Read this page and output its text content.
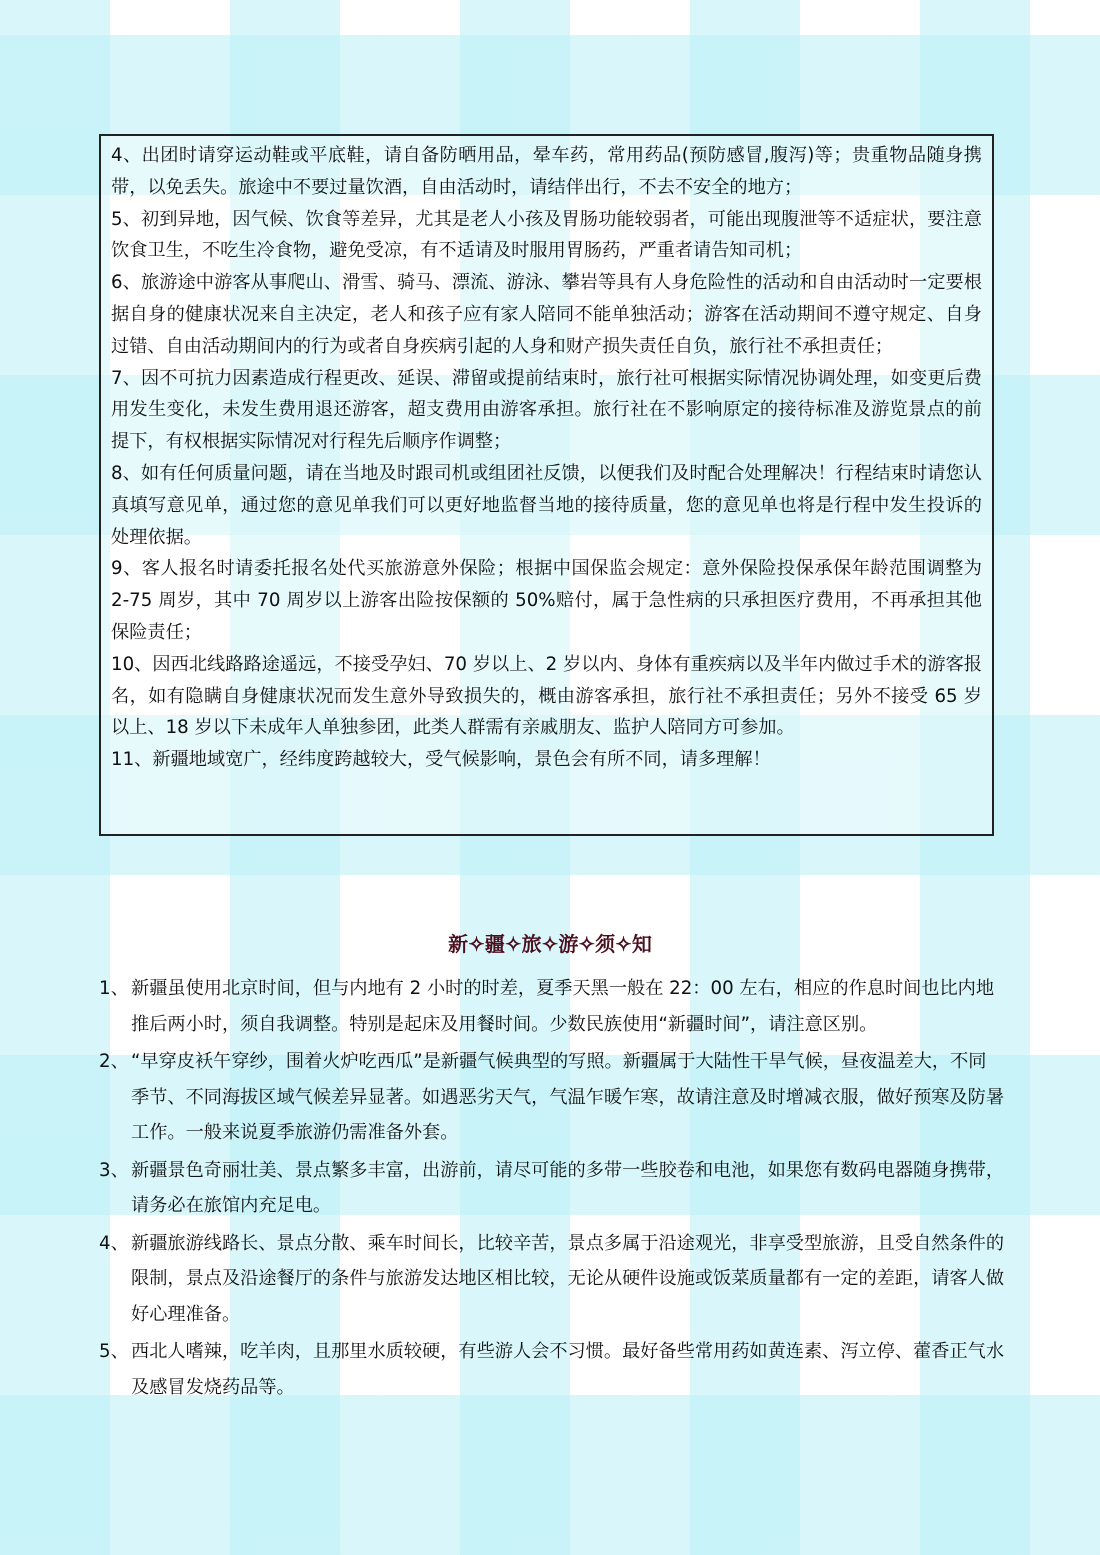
4、出团时请穿运动鞋或平底鞋，请自备防晒用品，晕车药，常用药品(预防感冒,腹泻)等；贵重物品随身携带，以免丢失。旅途中不要过量饮酒，自由活动时，请结伴出行，不去不安全的地方；

5、初到异地，因气候、饮食等差异，尤其是老人小孩及胃肠功能较弱者，可能出现腹泄等不适症状，要注意饮食卫生，不吃生冷食物，避免受凉，有不适请及时服用胃肠药，严重者请告知司机；

6、旅游途中游客从事爬山、滑雪、骑马、漂流、游泳、攀岩等具有人身危险性的活动和自由活动时一定要根据自身的健康状况来自主决定，老人和孩子应有家人陪同不能单独活动；游客在活动期间不遵守规定、自身过错、自由活动期间内的行为或者自身疾病引起的人身和财产损失责任自负，旅行社不承担责任；

7、因不可抗力因素造成行程更改、延误、滞留或提前结束时，旅行社可根据实际情况协调处理，如变更后费用发生变化，未发生费用退还游客，超支费用由游客承担。旅行社在不影响原定的接待标准及游览景点的前提下，有权根据实际情况对行程先后顺序作调整；

8、如有任何质量问题，请在当地及时跟司机或组团社反馈，以便我们及时配合处理解决！行程结束时请您认真填写意见单，通过您的意见单我们可以更好地监督当地的接待质量，您的意见单也将是行程中发生投诉的处理依据。

9、客人报名时请委托报名处代买旅游意外保险；根据中国保监会规定：意外保险投保承保年龄范围调整为 2-75 周岁，其中 70 周岁以上游客出险按保额的 50%赔付，属于急性病的只承担医疗费用，不再承担其他保险责任；

10、因西北线路路途遥远，不接受孕妇、70 岁以上、2 岁以内、身体有重疾病以及半年内做过手术的游客报名，如有隐瞒自身健康状况而发生意外导致损失的，概由游客承担，旅行社不承担责任；另外不接受 65 岁以上、18 岁以下未成年人单独参团，此类人群需有亲戚朋友、监护人陪同方可参加。

11、新疆地域宽广，经纬度跨越较大，受气候影响，景色会有所不同，请多理解！

新✧疆✧旅✧游✧须✧知
1、 新疆虽使用北京时间，但与内地有 2 小时的时差，夏季天黑一般在 22：00 左右，相应的作息时间也比内地推后两小时，须自我调整。特别是起床及用餐时间。少数民族使用“新疆时间”，请注意区别。
2、 “早穿皮袄午穿纱，围着火炉吃西瓜”是新疆气候典型的写照。新疆属于大陆性干旱气候，昼夜温差大，不同季节、不同海拔区域气候差异显著。如遇恶劣天气，气温乍暖乍寒，故请注意及时增减衣服，做好预寒及防暑工作。一般来说夏季旅游仍需准备外套。
3、 新疆景色奇丽壮美、景点繁多丰富，出游前，请尽可能的多带一些胶卷和电池，如果您有数码电器随身携带，请务必在旅馆内充足电。
4、 新疆旅游线路长、景点分散、乘车时间长，比较辛苦，景点多属于沿途观光，非享受型旅游，且受自然条件的限制，景点及沿途餐厅的条件与旅游发达地区相比较，无论从硬件设施或饭菜质量都有一定的差距，请客人做好心理准备。
5、 西北人嗜辣，吃羊肉，且那里水质较硬，有些游人会不习惯。最好备些常用药如黄连素、泻立停、藿香正气水及感冒发烧药品等。
